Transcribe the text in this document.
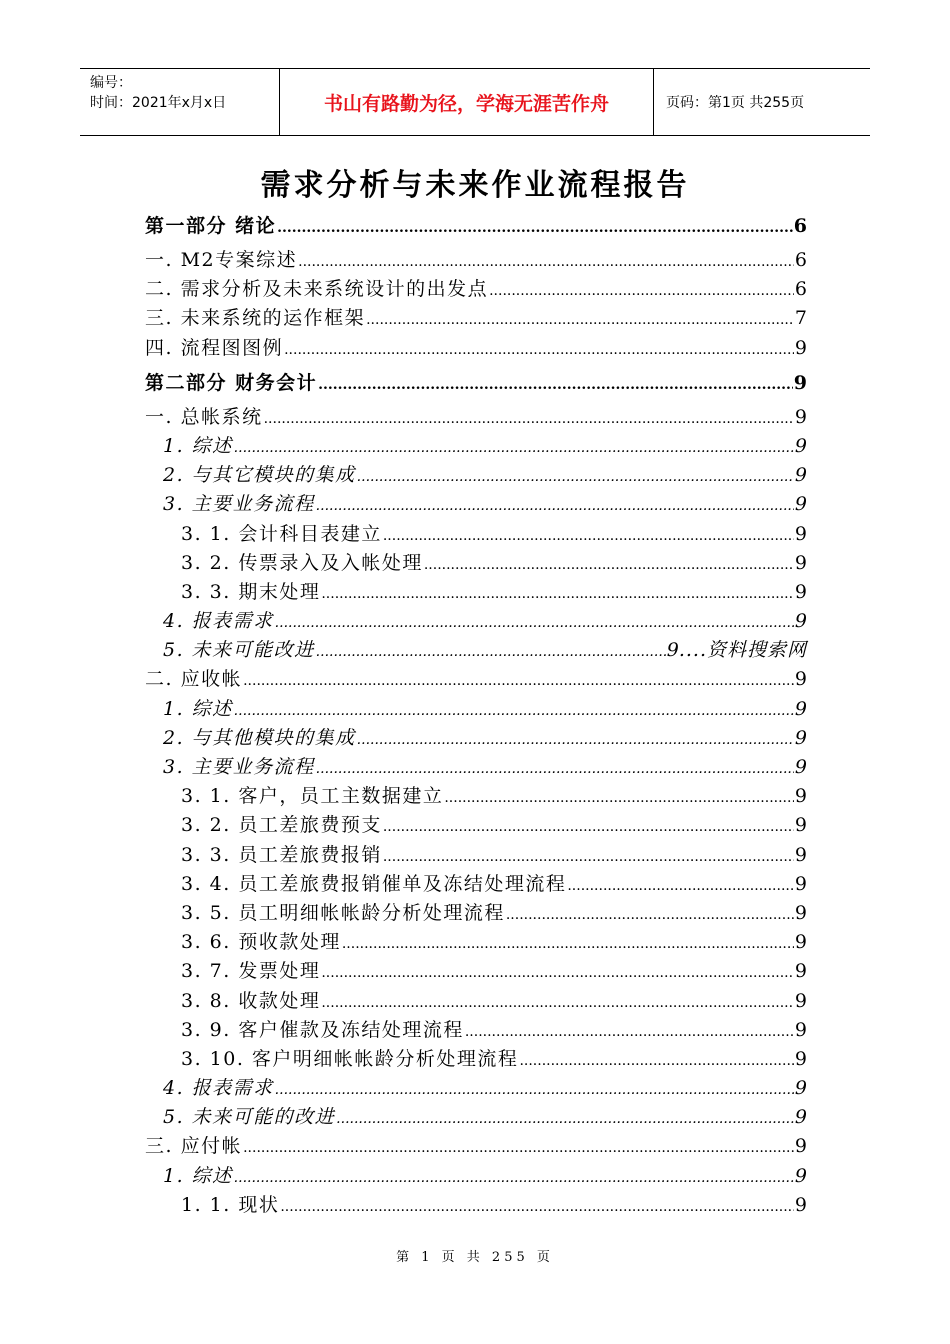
编号：
时间：2021年x月x日	书山有路勤为径，学海无涯苦作舟	页码：第1页 共255页
需求分析与未来作业流程报告
第一部分 绪论 .....	6
一. M2专案综述 .....	6
二. 需求分析及未来系统设计的出发点 .....	6
三. 未来系统的运作框架 .....	7
四. 流程图图例 .....	9
第二部分 财务会计 .....	9
一. 总帐系统 .....	9
1. 综述 .....	9
2. 与其它模块的集成 .....	9
3. 主要业务流程 .....	9
3. 1. 会计科目表建立 .....	9
3. 2. 传票录入及入帐处理 .....	9
3. 3. 期末处理 .....	9
4. 报表需求 .....	9
5. 未来可能改进 .....	9 ....资料搜索网
二. 应收帐 .....	9
1. 综述 .....	9
2. 与其他模块的集成 .....	9
3. 主要业务流程 .....	9
3. 1. 客户，员工主数据建立 .....	9
3. 2. 员工差旅费预支 .....	9
3. 3. 员工差旅费报销 .....	9
3. 4. 员工差旅费报销催单及冻结处理流程 .....	9
3. 5. 员工明细帐帐龄分析处理流程 .....	9
3. 6. 预收款处理 .....	9
3. 7. 发票处理 .....	9
3. 8. 收款处理 .....	9
3. 9. 客户催款及冻结处理流程 .....	9
3. 10. 客户明细帐帐龄分析处理流程 .....	9
4. 报表需求 .....	9
5. 未来可能的改进 .....	9
三. 应付帐 .....	9
1. 综述 .....	9
1. 1. 现状 .....	9
第 1 页 共 255 页
